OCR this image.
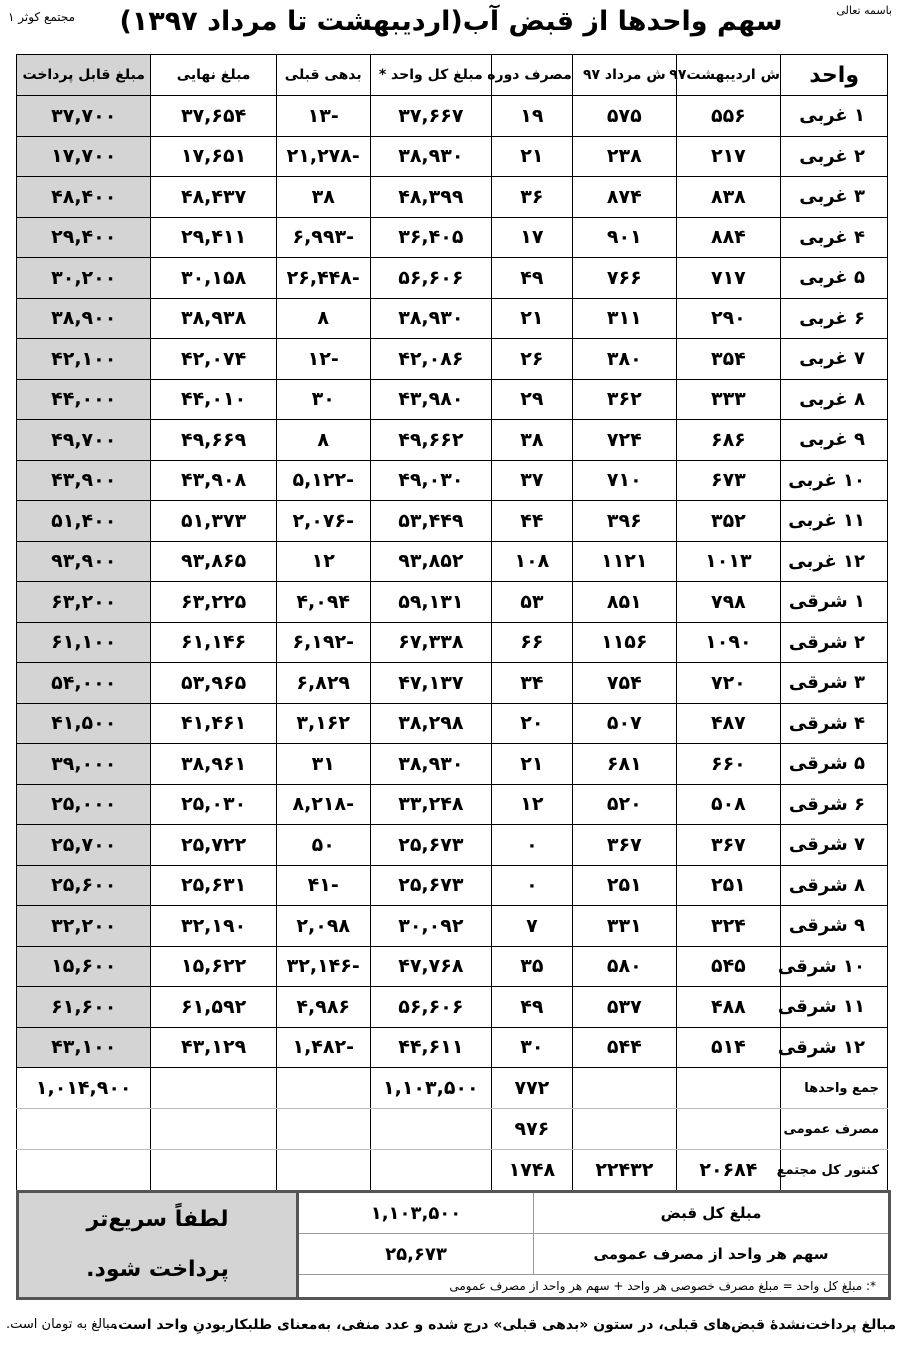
مجتمع کوثر ۱	باسمه تعالی
سهم واحدها از قبض آب(اردیبهشت تا مرداد ۱۳۹۷)
واحد	ش اردیبهشت۹۷	ش مرداد ۹۷	مصرف دوره	مبلغ کل واحد *	بدهی قبلی	مبلغ نهایی	مبلغ قابل پرداخت
۱ غربی	۵۵۶	۵۷۵	۱۹	۳۷,۶۶۷	-۱۳	۳۷,۶۵۴	۳۷,۷۰۰
۲ غربی	۲۱۷	۲۳۸	۲۱	۳۸,۹۳۰	-۲۱,۲۷۸	۱۷,۶۵۱	۱۷,۷۰۰
۳ غربی	۸۳۸	۸۷۴	۳۶	۴۸,۳۹۹	۳۸	۴۸,۴۳۷	۴۸,۴۰۰
۴ غربی	۸۸۴	۹۰۱	۱۷	۳۶,۴۰۵	-۶,۹۹۳	۲۹,۴۱۱	۲۹,۴۰۰
۵ غربی	۷۱۷	۷۶۶	۴۹	۵۶,۶۰۶	-۲۶,۴۴۸	۳۰,۱۵۸	۳۰,۲۰۰
۶ غربی	۲۹۰	۳۱۱	۲۱	۳۸,۹۳۰	۸	۳۸,۹۳۸	۳۸,۹۰۰
۷ غربی	۳۵۴	۳۸۰	۲۶	۴۲,۰۸۶	-۱۲	۴۲,۰۷۴	۴۲,۱۰۰
۸ غربی	۳۳۳	۳۶۲	۲۹	۴۳,۹۸۰	۳۰	۴۴,۰۱۰	۴۴,۰۰۰
۹ غربی	۶۸۶	۷۲۴	۳۸	۴۹,۶۶۲	۸	۴۹,۶۶۹	۴۹,۷۰۰
۱۰ غربی	۶۷۳	۷۱۰	۳۷	۴۹,۰۳۰	-۵,۱۲۲	۴۳,۹۰۸	۴۳,۹۰۰
۱۱ غربی	۳۵۲	۳۹۶	۴۴	۵۳,۴۴۹	-۲,۰۷۶	۵۱,۳۷۳	۵۱,۴۰۰
۱۲ غربی	۱۰۱۳	۱۱۲۱	۱۰۸	۹۳,۸۵۲	۱۲	۹۳,۸۶۵	۹۳,۹۰۰
۱ شرقی	۷۹۸	۸۵۱	۵۳	۵۹,۱۳۱	۴,۰۹۴	۶۳,۲۲۵	۶۳,۲۰۰
۲ شرقی	۱۰۹۰	۱۱۵۶	۶۶	۶۷,۳۳۸	-۶,۱۹۲	۶۱,۱۴۶	۶۱,۱۰۰
۳ شرقی	۷۲۰	۷۵۴	۳۴	۴۷,۱۳۷	۶,۸۲۹	۵۳,۹۶۵	۵۴,۰۰۰
۴ شرقی	۴۸۷	۵۰۷	۲۰	۳۸,۲۹۸	۳,۱۶۲	۴۱,۴۶۱	۴۱,۵۰۰
۵ شرقی	۶۶۰	۶۸۱	۲۱	۳۸,۹۳۰	۳۱	۳۸,۹۶۱	۳۹,۰۰۰
۶ شرقی	۵۰۸	۵۲۰	۱۲	۳۳,۲۴۸	-۸,۲۱۸	۲۵,۰۳۰	۲۵,۰۰۰
۷ شرقی	۳۶۷	۳۶۷	۰	۲۵,۶۷۳	۵۰	۲۵,۷۲۲	۲۵,۷۰۰
۸ شرقی	۲۵۱	۲۵۱	۰	۲۵,۶۷۳	-۴۱	۲۵,۶۳۱	۲۵,۶۰۰
۹ شرقی	۳۲۴	۳۳۱	۷	۳۰,۰۹۲	۲,۰۹۸	۳۲,۱۹۰	۳۲,۲۰۰
۱۰ شرقی	۵۴۵	۵۸۰	۳۵	۴۷,۷۶۸	-۳۲,۱۴۶	۱۵,۶۲۲	۱۵,۶۰۰
۱۱ شرقی	۴۸۸	۵۳۷	۴۹	۵۶,۶۰۶	۴,۹۸۶	۶۱,۵۹۲	۶۱,۶۰۰
۱۲ شرقی	۵۱۴	۵۴۴	۳۰	۴۴,۶۱۱	-۱,۴۸۲	۴۳,۱۲۹	۴۳,۱۰۰
جمع واحدها			۷۷۲	۱,۱۰۳,۵۰۰			۱,۰۱۴,۹۰۰
مصرف عمومی			۹۷۶				
کنتور کل مجتمع	۲۰۶۸۴	۲۲۴۳۲	۱۷۴۸				
مبلغ کل قبض	۱,۱۰۳,۵۰۰	لطفاً سریع‌تر
پرداخت شود.

سهم هر واحد از مصرف عمومی	۲۵,۶۷۳	
*: مبلغ کل واحد = مبلغ مصرف خصوصی هر واحد + سهم هر واحد از مصرف عمومی		
مبالغ پرداخت‌نشدهٔ قبض‌های قبلی، در ستون «بدهی قبلی» درج شده و عدد منفی، به‌معنای طلبکاربودنِ واحد است.
مبالغ به تومان است.
